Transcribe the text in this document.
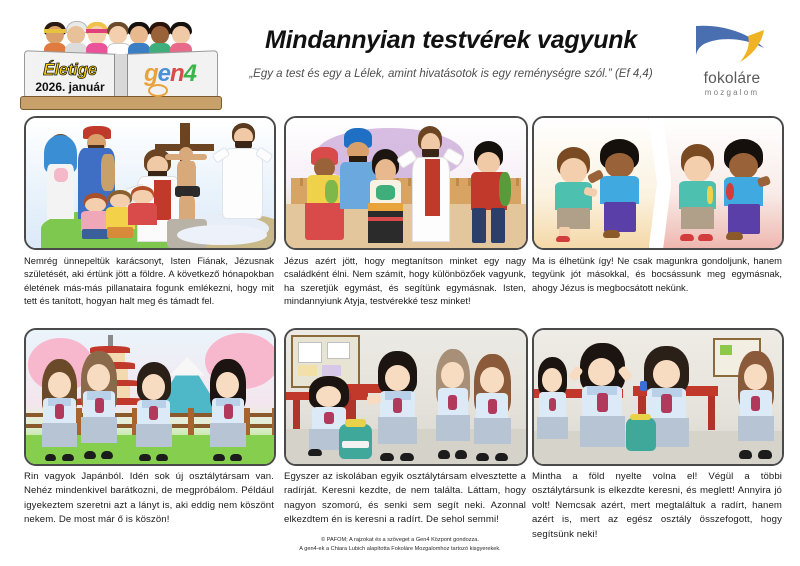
Életige
2026. január	gen4
Mindannyian testvérek vagyunk
„Egy a test és egy a Lélek, amint hivatásotok is egy reménységre szól.” (Ef 4,4)	fokoláre
mozgalom
Nemrég ünnepeltük karácsonyt, Isten Fiának, Jézusnak születését, aki értünk jött a földre. A következő hónapokban életének más-más pillanataira fogunk emlékezni, hogy mit tett és tanított, hogyan halt meg és támadt fel.
Jézus azért jött, hogy megtanítson minket egy nagy családként élni. Nem számít, hogy különbözőek vagyunk, ha szeretjük egymást, és segítünk egymásnak. Isten, mindannyiunk Atyja, testvérekké tesz minket!
Ma is élhetünk így! Ne csak magunkra gondoljunk, hanem tegyünk jót másokkal, és bocsássunk meg egymásnak, ahogy Jézus is megbocsátott nekünk.
Rin vagyok Japánból. Idén sok új osztálytársam van. Nehéz mindenkivel barátkozni, de megpróbálom. Például igyekeztem szeretni azt a lányt is, aki eddig nem köszönt nekem. De most már ő is köszön!
Egyszer az iskolában egyik osztálytársam elvesztette a radírját. Keresni kezdte, de nem találta. Láttam, hogy nagyon szomorú, és senki sem segít neki. Azonnal elkezdtem én is keresni a radírt. De sehol semmi!
Mintha a föld nyelte volna el! Végül a többi osztálytársunk is elkezdte keresni, és meglett! Annyira jó volt! Nemcsak azért, mert megtaláltuk a radírt, hanem azért is, mert az egész osztály összefogott, hogy segítsünk neki!
© PAFOM; A rajzokat és a szöveget a Gen4 Központ gondozza.
A gen4-ek a Chiara Lubich alapította Fokoláre Mozgalomhoz tartozó kisgyerekek.
